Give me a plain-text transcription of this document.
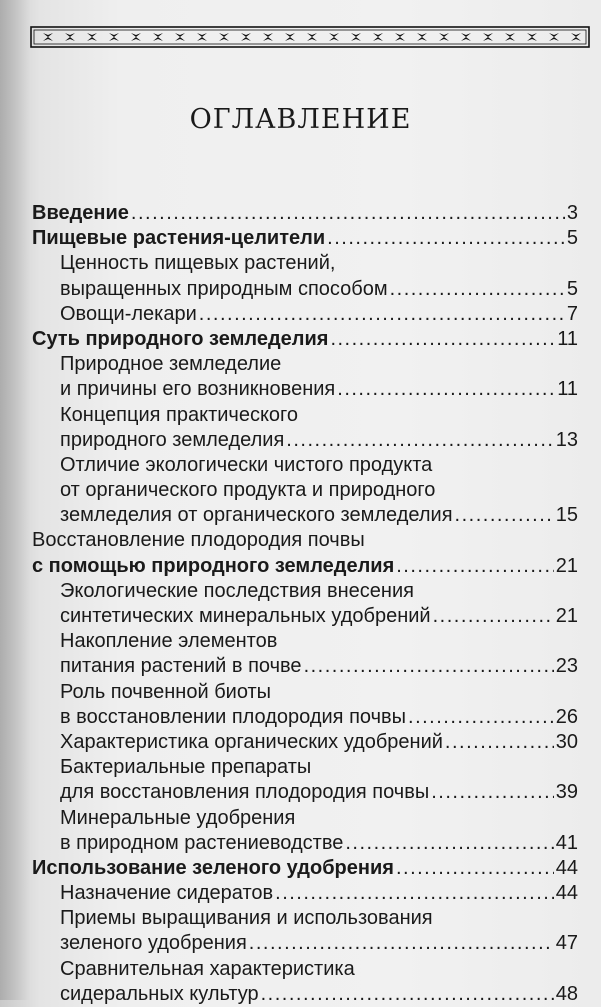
ОГЛАВЛЕНИЕ
Введение .....	3
Пищевые растения-целители .....	5
Ценность пищевых растений,
выращенных природным способом .....	5
Овощи-лекари .....	7
Суть природного земледелия .....	11
Природное земледелие
и причины его возникновения .....	11
Концепция практического
природного земледелия .....	13
Отличие экологически чистого продукта
от органического продукта и природного
земледелия от органического земледелия .....	15
Восстановление плодородия почвы
с помощью природного земледелия .....	21
Экологические последствия внесения
синтетических минеральных удобрений .....	21
Накопление элементов
питания растений в почве .....	23
Роль почвенной биоты
в восстановлении плодородия почвы .....	26
Характеристика органических удобрений .....	30
Бактериальные препараты
для восстановления плодородия почвы .....	39
Минеральные удобрения
в природном растениеводстве .....	41
Использование зеленого удобрения .....	44
Назначение сидератов .....	44
Приемы выращивания и использования
зеленого удобрения .....	47
Сравнительная характеристика
сидеральных культур .....	48
